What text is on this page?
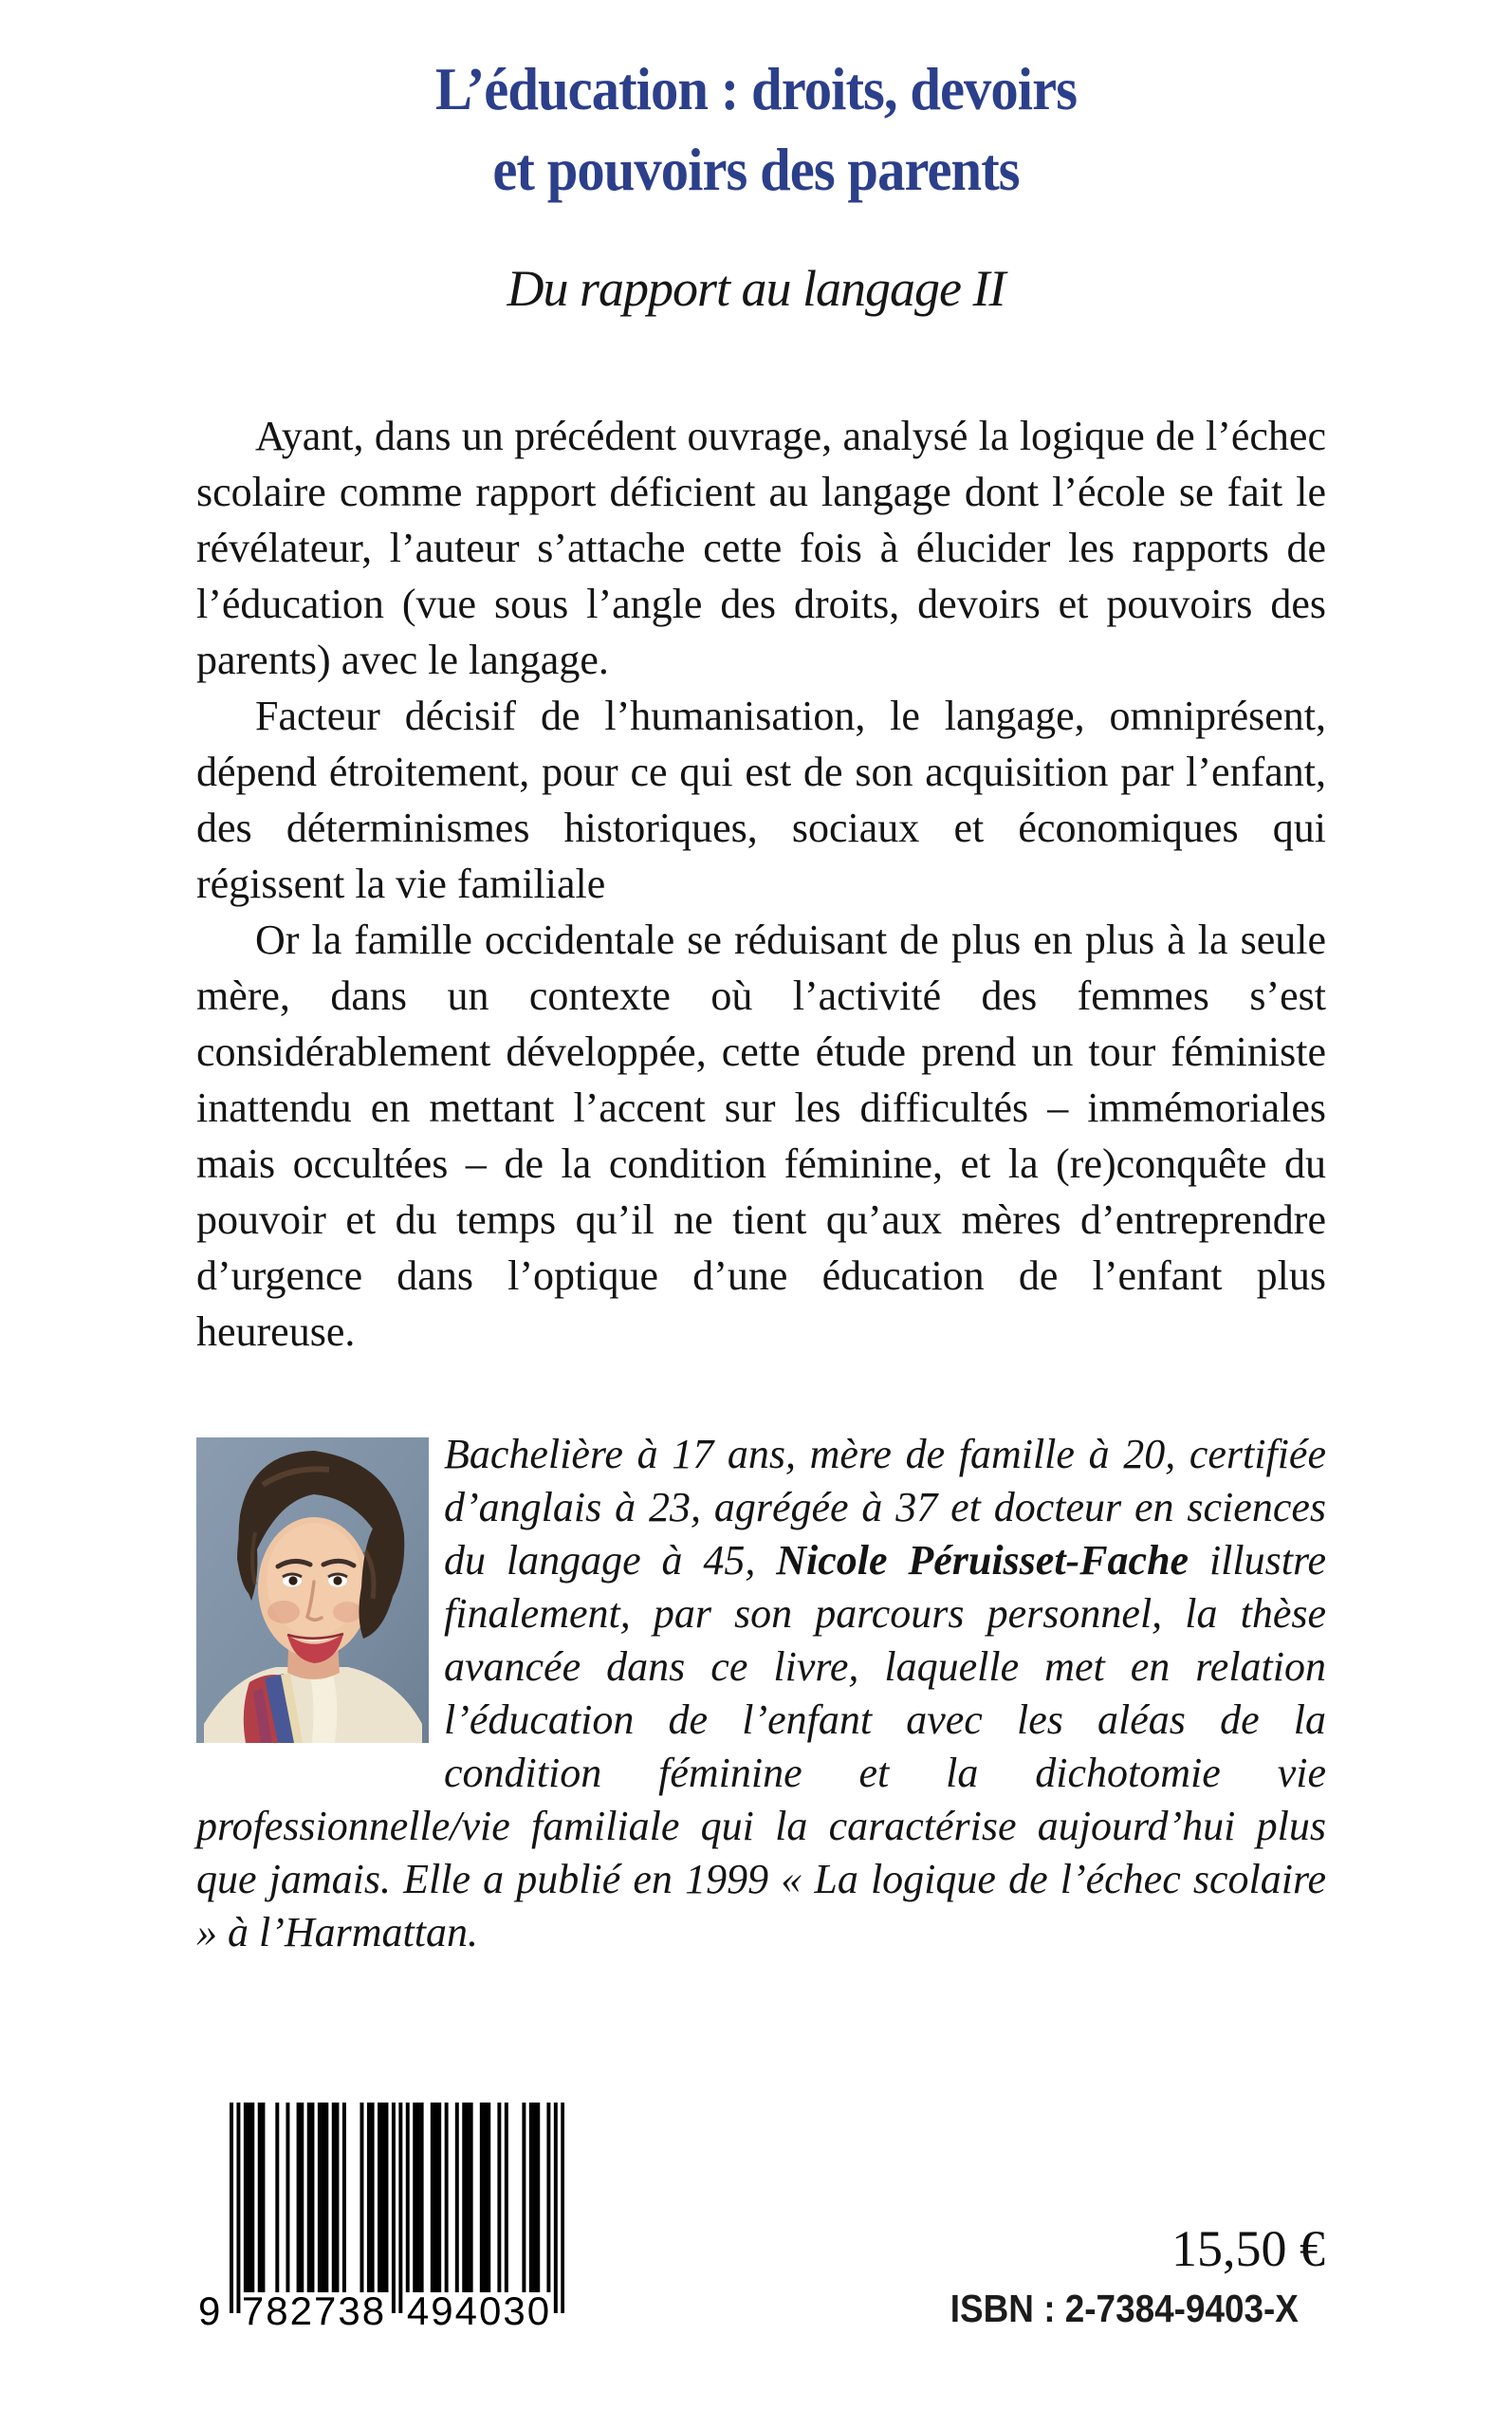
L’éducation : droits, devoirs
et pouvoirs des parents
Du rapport au langage II

Ayant, dans un précédent ouvrage, analysé la logique de l’échec scolaire comme rapport déficient au langage dont l’école se fait le révélateur, l’auteur s’attache cette fois à élucider les rapports de l’éducation (vue sous l’angle des droits, devoirs et pouvoirs des parents) avec le langage.

Facteur décisif de l’humanisation, le langage, omniprésent, dépend étroitement, pour ce qui est de son acquisition par l’enfant, des déterminismes historiques, sociaux et économiques qui régissent la vie familiale

Or la famille occidentale se réduisant de plus en plus à la seule mère, dans un contexte où l’activité des femmes s’est considérablement développée, cette étude prend un tour féministe inattendu en mettant l’accent sur les difficultés – immémoriales mais occultées – de la condition féminine, et la (re)conquête du pouvoir et du temps qu’il ne tient qu’aux mères d’entreprendre d’urgence dans l’optique d’une éducation de l’enfant plus heureuse.

Bachelière à 17 ans, mère de famille à 20, certifiée d’anglais à 23, agrégée à 37 et docteur en sciences du langage à 45, Nicole Péruisset-Fache illustre finalement, par son parcours personnel, la thèse avancée dans ce livre, laquelle met en relation l’éducation de l’enfant avec les aléas de la condition féminine et la dichotomie vie professionnelle/vie familiale qui la caractérise aujourd’hui plus que jamais. Elle a publié en 1999 « La logique de l’échec scolaire » à l’Harmattan.
9 782738 494030
15,50 €
ISBN : 2-7384-9403-X
